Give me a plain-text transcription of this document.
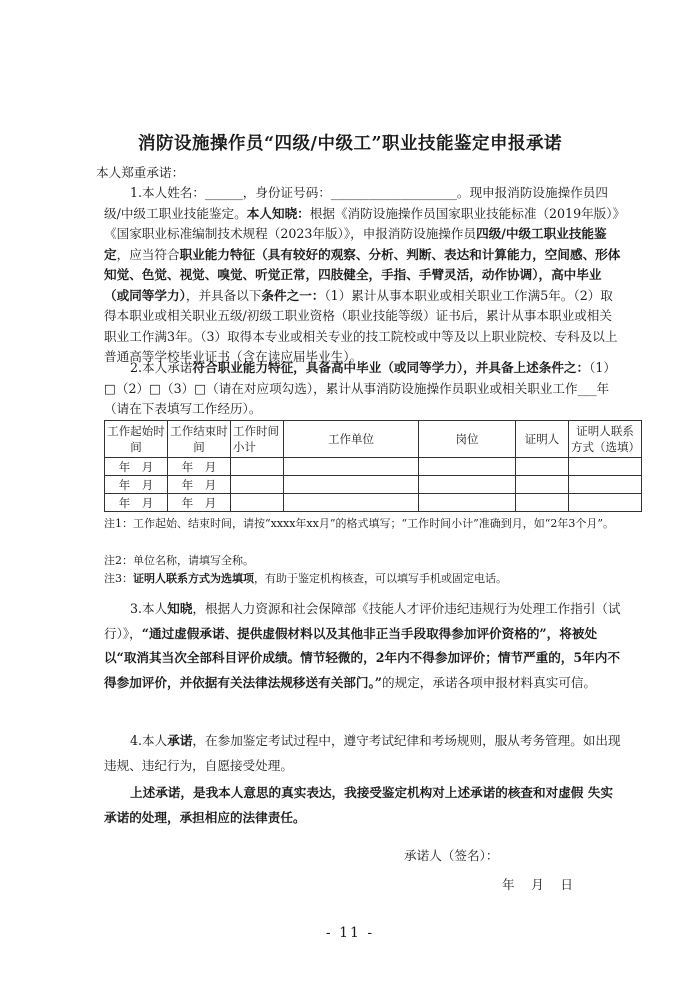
消防设施操作员“四级/中级工”职业技能鉴定申报承诺
本人郑重承诺：
1.本人姓名：______，身份证号码：____________________。现申报消防设施操作员四级/中级工职业技能鉴定。本人知晓：根据《消防设施操作员国家职业技能标准（2019年版）》《国家职业标准编制技术规程（2023年版）》，申报消防设施操作员四级/中级工职业技能鉴定，应当符合职业能力特征（具有较好的观察、分析、判断、表达和计算能力，空间感、形体知觉、色觉、视觉、嗅觉、听觉正常，四肢健全，手指、手臂灵活，动作协调），高中毕业（或同等学力），并具备以下条件之一：（1）累计从事本职业或相关职业工作满5年。（2）取得本职业或相关职业五级/初级工职业资格（职业技能等级）证书后，累计从事本职业或相关职业工作满3年。（3）取得本专业或相关专业的技工院校或中等及以上职业院校、专科及以上普通高等学校毕业证书（含在读应届毕业生）。
2.本人承诺符合职业能力特征，具备高中毕业（或同等学力），并具备上述条件之：（1）□（2）□（3）□（请在对应项勾选），累计从事消防设施操作员职业或相关职业工作___年（请在下表填写工作经历）。
工作起始时间	工作结束时间	工作时间小计	工作单位	岗位	证明人	证明人联系方式（选填）
年　月	年　月					
年　月	年　月					
年　月	年　月					
注1：工作起始、结束时间，请按“xxxx年xx月”的格式填写；“工作时间小计”准确到月，如“2年3个月”。
注2：单位名称，请填写全称。
注3：证明人联系方式为选填项，有助于鉴定机构核查，可以填写手机或固定电话。
3.本人知晓，根据人力资源和社会保障部《技能人才评价违纪违规行为处理工作指引（试行）》，“通过虚假承诺、提供虚假材料以及其他非正当手段取得参加评价资格的”，将被处以“取消其当次全部科目评价成绩。情节轻微的，2年内不得参加评价；情节严重的，5年内不得参加评价，并依据有关法律法规移送有关部门。”的规定，承诺各项申报材料真实可信。
4.本人承诺，在参加鉴定考试过程中，遵守考试纪律和考场规则，服从考务管理。如出现违规、违纪行为，自愿接受处理。
上述承诺，是我本人意思的真实表达，我接受鉴定机构对上述承诺的核查和对虚假 失实承诺的处理，承担相应的法律责任。
承诺人（签名）：
年　月　日
- 11 -
